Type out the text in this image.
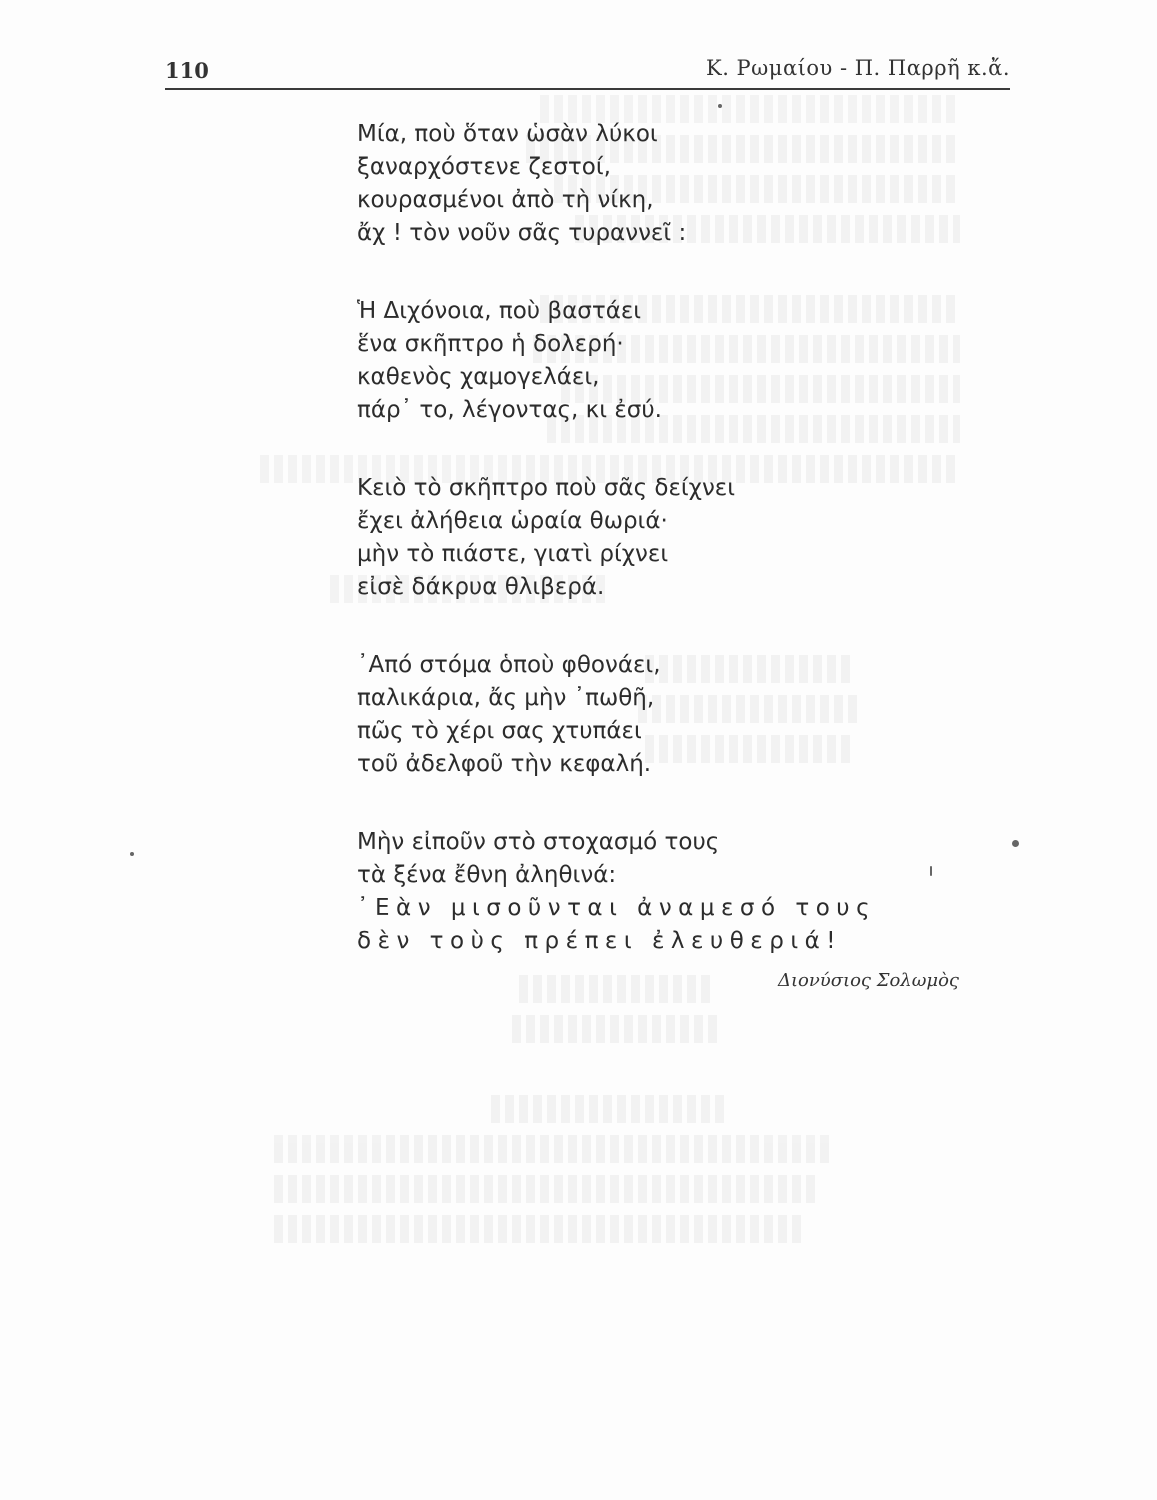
110	Κ. Ρωμαίου - Π. Παρρῆ κ.ἄ.
Μία, ποὺ ὅταν ὡσὰν λύκοι
ξαναρχόστενε ζεστοί,
κουρασμένοι ἀπὸ τὴ νίκη,
ἄχ ! τὸν νοῦν σᾶς τυραννεῖ :
Ἡ Διχόνοια, ποὺ βαστάει
ἕνα σκῆπτρο ἡ δολερή·
καθενὸς χαμογελάει,
πάρ᾽ το, λέγοντας, κι ἐσύ.
Κειὸ τὸ σκῆπτρο ποὺ σᾶς δείχνει
ἔχει ἀλήθεια ὡραία θωριά·
μὴν τὸ πιάστε, γιατὶ ρίχνει
εἰσὲ δάκρυα θλιβερά.
᾽Από στόμα ὁποὺ φθονάει,
παλικάρια, ἄς μὴν ᾽πωθῆ,
πῶς τὸ χέρι σας χτυπάει
τοῦ ἀδελφοῦ τὴν κεφαλή.
Μὴν εἰποῦν στὸ στοχασμό τους
τὰ ξένα ἔθνη ἀληθινά:
᾽Εὰν μισοῦνται ἀναμεσό τους
δὲν τοὺς πρέπει ἐλευθεριά!
Διονύσιος Σολωμὸς
